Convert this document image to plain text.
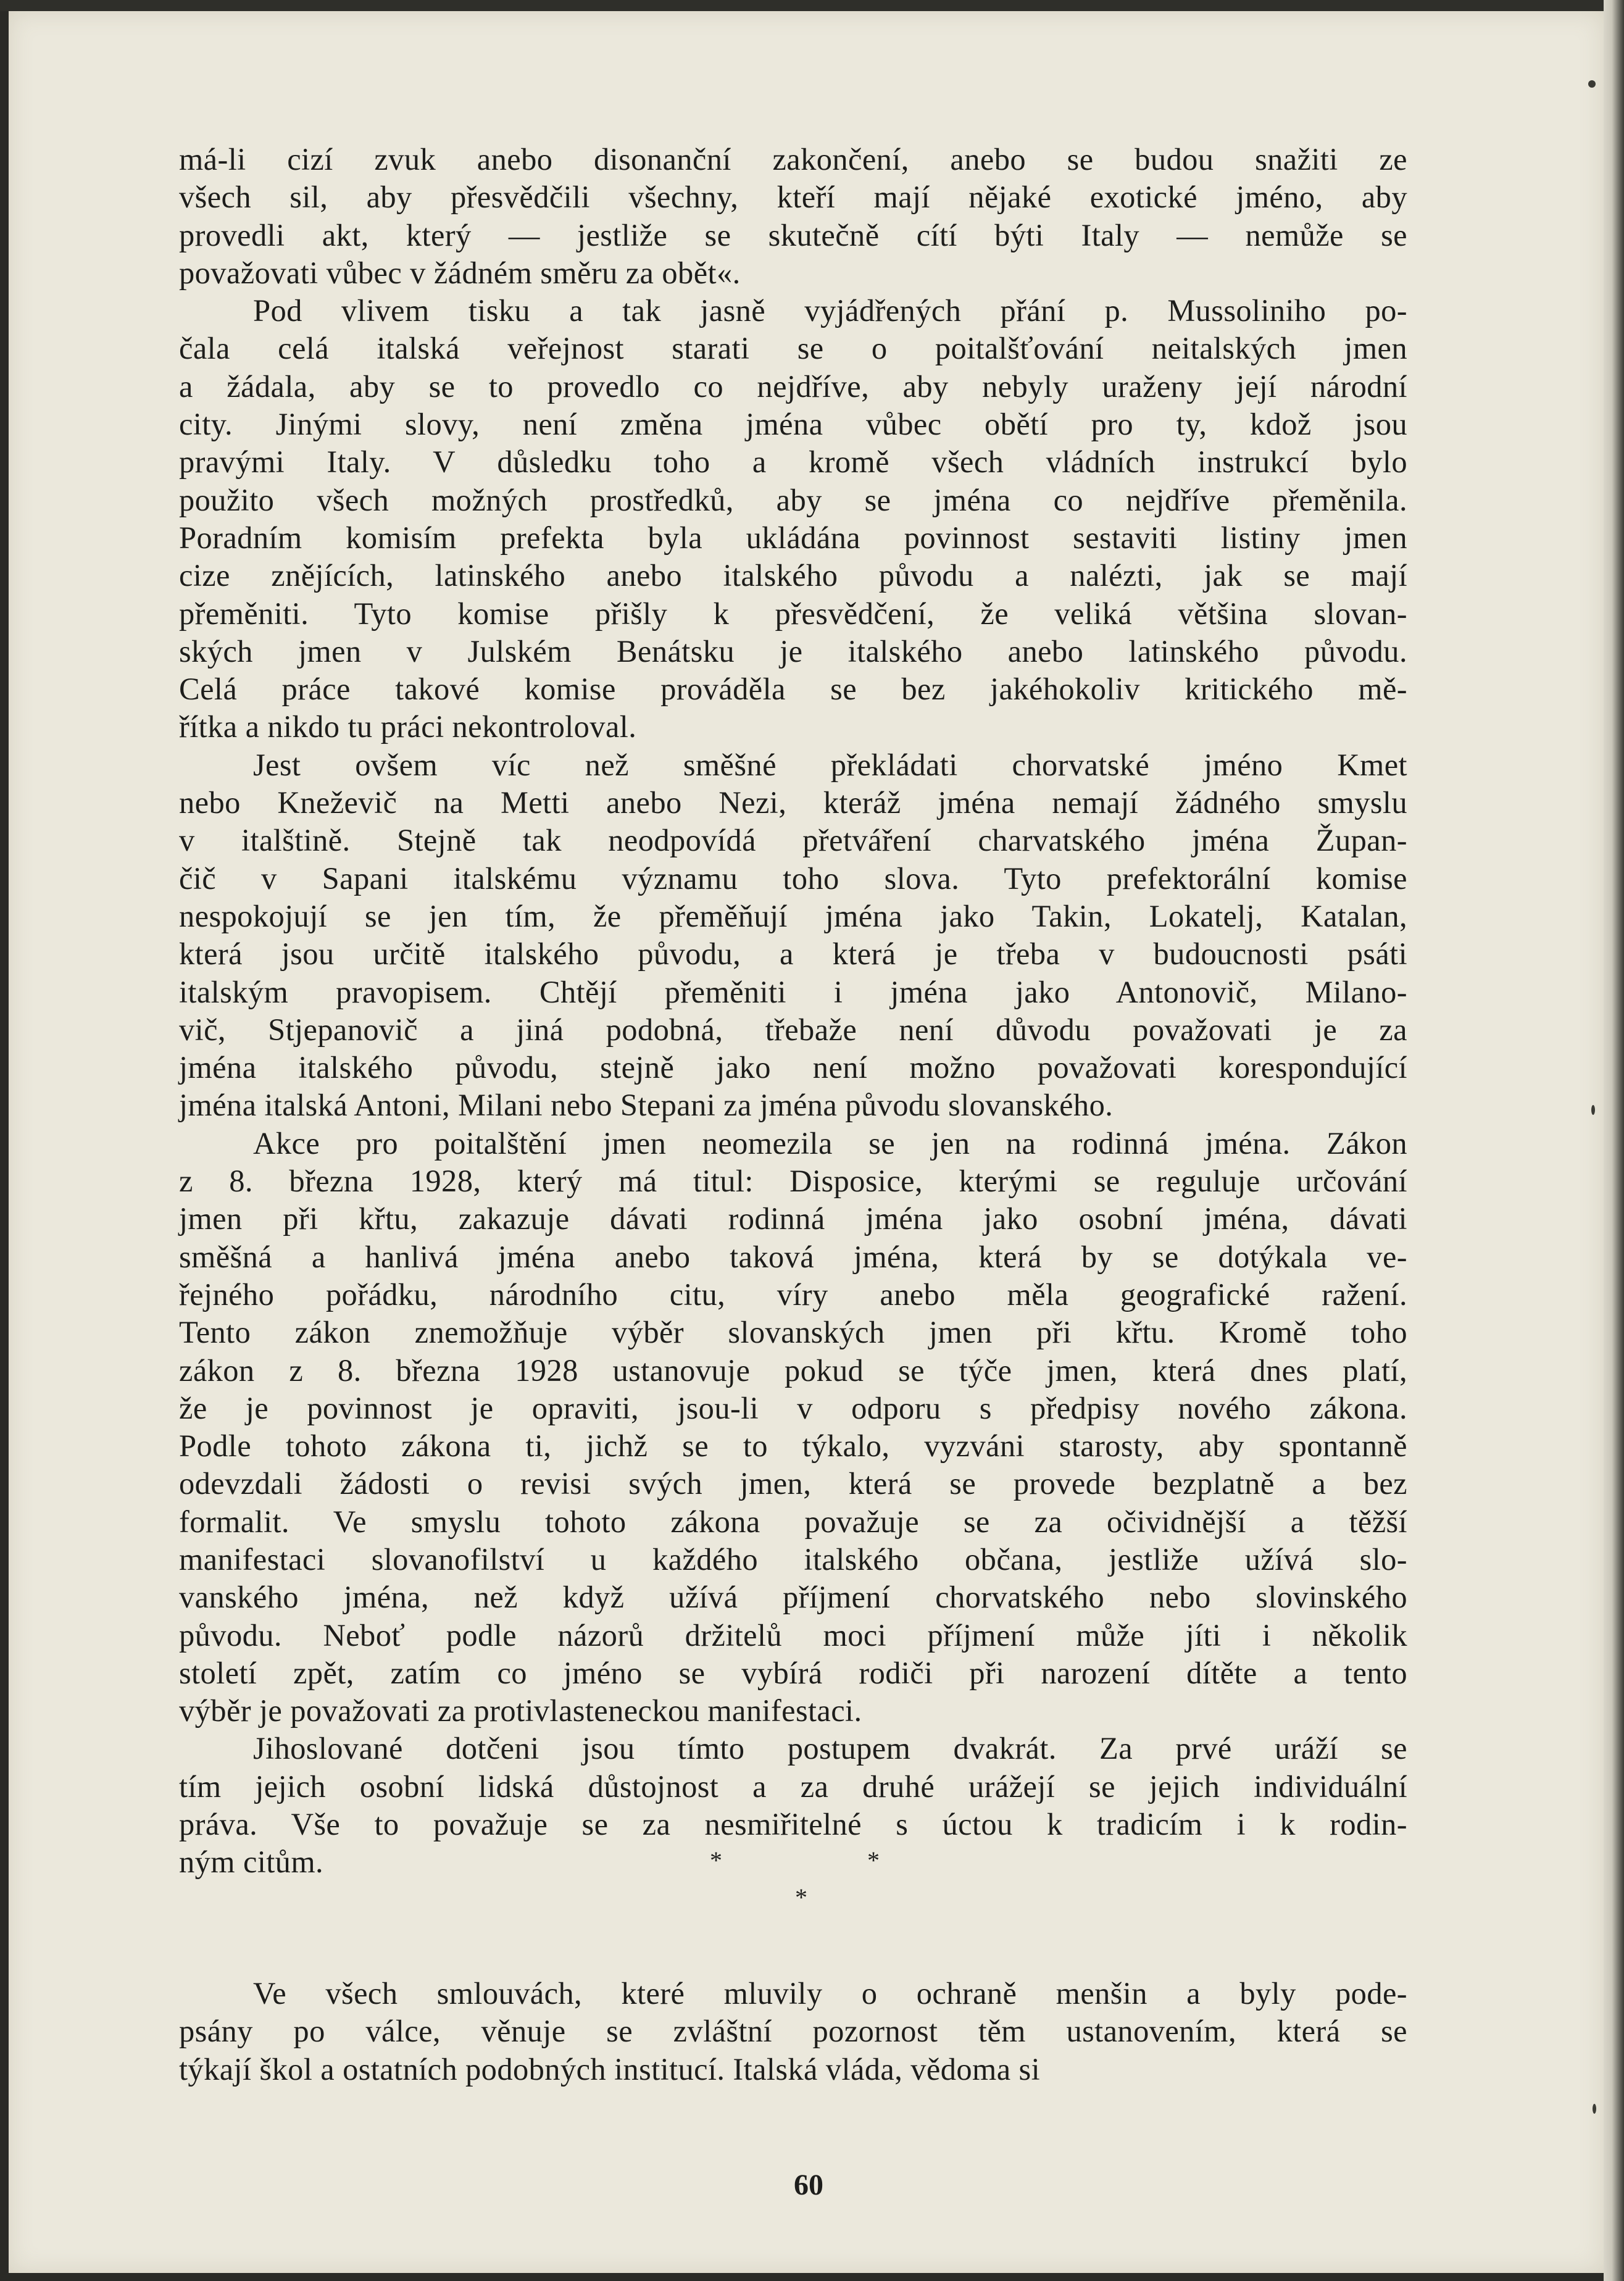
má-li cizí zvuk anebo disonanční zakončení, anebo se budou snažiti ze
všech sil, aby přesvědčili všechny, kteří mají nějaké exotické jméno, aby
provedli akt, který — jestliže se skutečně cítí býti Italy — nemůže se
považovati vůbec v žádném směru za obět«.
Pod vlivem tisku a tak jasně vyjádřených přání p. Mussoliniho po-
čala celá italská veřejnost starati se o poitalšťování neitalských jmen
a žádala, aby se to provedlo co nejdříve, aby nebyly uraženy její národní
city. Jinými slovy, není změna jména vůbec obětí pro ty, kdož jsou
pravými Italy. V důsledku toho a kromě všech vládních instrukcí bylo
použito všech možných prostředků, aby se jména co nejdříve přeměnila.
Poradním komisím prefekta byla ukládána povinnost sestaviti listiny jmen
cize znějících, latinského anebo italského původu a nalézti, jak se mají
přeměniti. Tyto komise přišly k přesvědčení, že veliká většina slovan-
ských jmen v Julském Benátsku je italského anebo latinského původu.
Celá práce takové komise prováděla se bez jakéhokoliv kritického mě-
řítka a nikdo tu práci nekontroloval.
Jest ovšem víc než směšné překládati chorvatské jméno Kmet
nebo Kneževič na Metti anebo Nezi, kteráž jména nemají žádného smyslu
v italštině. Stejně tak neodpovídá přetváření charvatského jména Župan-
čič v Sapani italskému významu toho slova. Tyto prefektorální komise
nespokojují se jen tím, že přeměňují jména jako Takin, Lokatelj, Katalan,
která jsou určitě italského původu, a která je třeba v budoucnosti psáti
italským pravopisem. Chtějí přeměniti i jména jako Antonovič, Milano-
vič, Stjepanovič a jiná podobná, třebaže není důvodu považovati je za
jména italského původu, stejně jako není možno považovati korespondující
jména italská Antoni, Milani nebo Stepani za jména původu slovanského.
Akce pro poitalštění jmen neomezila se jen na rodinná jména. Zákon
z 8. března 1928, který má titul: Disposice, kterými se reguluje určování
jmen při křtu, zakazuje dávati rodinná jména jako osobní jména, dávati
směšná a hanlivá jména anebo taková jména, která by se dotýkala ve-
řejného pořádku, národního citu, víry anebo měla geografické ražení.
Tento zákon znemožňuje výběr slovanských jmen při křtu. Kromě toho
zákon z 8. března 1928 ustanovuje pokud se týče jmen, která dnes platí,
že je povinnost je opraviti, jsou-li v odporu s předpisy nového zákona.
Podle tohoto zákona ti, jichž se to týkalo, vyzváni starosty, aby spontanně
odevzdali žádosti o revisi svých jmen, která se provede bezplatně a bez
formalit. Ve smyslu tohoto zákona považuje se za očividnější a těžší
manifestaci slovanofilství u každého italského občana, jestliže užívá slo-
vanského jména, než když užívá příjmení chorvatského nebo slovinského
původu. Neboť podle názorů držitelů moci příjmení může jíti i několik
století zpět, zatím co jméno se vybírá rodiči při narození dítěte a tento
výběr je považovati za protivlasteneckou manifestaci.
Jihoslované dotčeni jsou tímto postupem dvakrát. Za prvé uráží se
tím jejich osobní lidská důstojnost a za druhé urážejí se jejich individuální
práva. Vše to považuje se za nesmiřitelné s úctou k tradicím i k rodin-
ným citům.	*	*
*
Ve všech smlouvách, které mluvily o ochraně menšin a byly pode-
psány po válce, věnuje se zvláštní pozornost těm ustanovením, která se
týkají škol a ostatních podobných institucí. Italská vláda, vědoma si
60
